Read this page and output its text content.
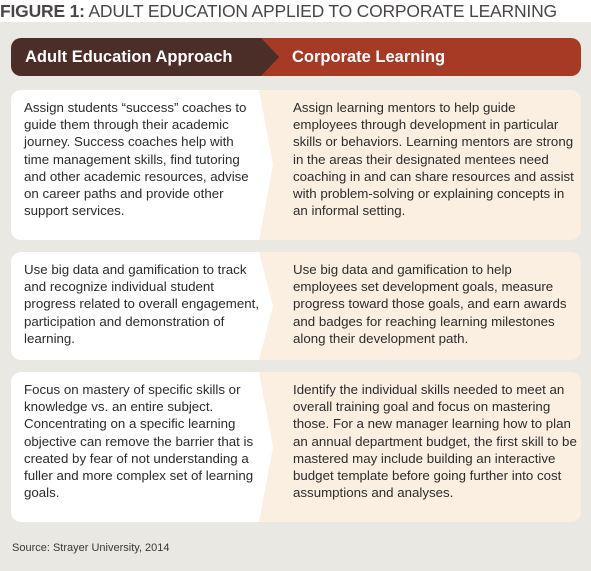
FIGURE 1: ADULT EDUCATION APPLIED TO CORPORATE LEARNING
Adult Education Approach	Corporate Learning
Assign students “success” coaches to guide them through their academic journey. Success coaches help with time management skills, find tutoring and other academic resources, advise on career paths and provide other support services.
Assign learning mentors to help guide employees through development in particular skills or behaviors. Learning mentors are strong in the areas their designated mentees need coaching in and can share resources and assist with problem-solving or explaining concepts in an informal setting.
Use big data and gamification to track and recognize individual student progress related to overall engagement, participation and demonstration of learning.
Use big data and gamification to help employees set development goals, measure progress toward those goals, and earn awards and badges for reaching learning milestones along their development path.
Focus on mastery of specific skills or knowledge vs. an entire subject. Concentrating on a specific learning objective can remove the barrier that is created by fear of not understanding a fuller and more complex set of learning goals.
Identify the individual skills needed to meet an overall training goal and focus on mastering those. For a new manager learning how to plan an annual department budget, the first skill to be mastered may include building an interactive budget template before going further into cost assumptions and analyses.
Source: Strayer University, 2014
